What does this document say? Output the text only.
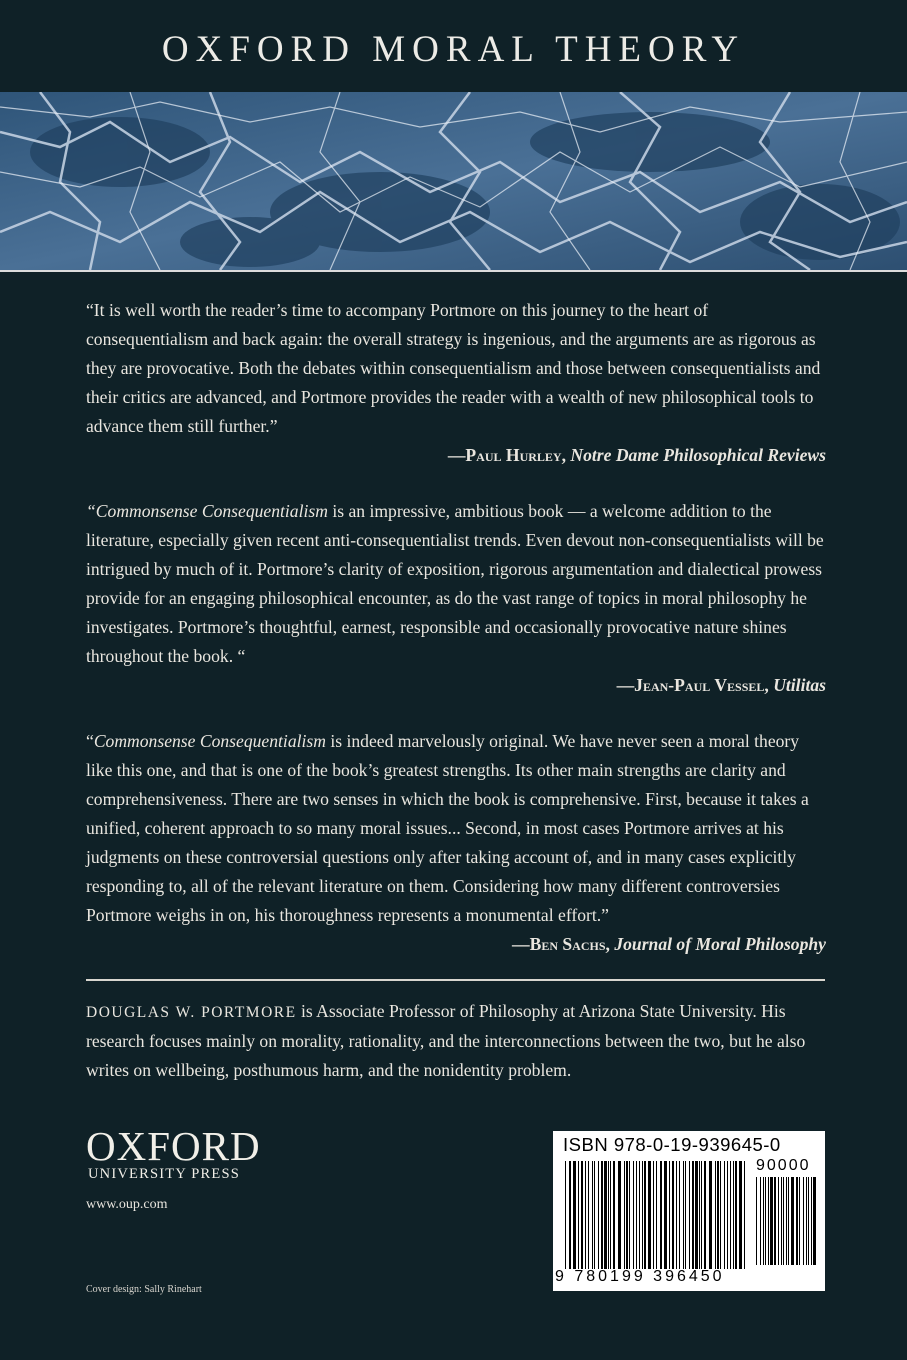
OXFORD MORAL THEORY

“It is well worth the reader’s time to accompany Portmore on this journey to the heart of consequentialism and back again: the overall strategy is ingenious, and the arguments are as rigorous as they are provocative. Both the debates within consequentialism and those between consequentialists and their critics are advanced, and Portmore provides the reader with a wealth of new philosophical tools to advance them still further.”

—Paul Hurley, Notre Dame Philosophical Reviews

“Commonsense Consequentialism is an impressive, ambitious book — a welcome addition to the literature, especially given recent anti-consequentialist trends. Even devout non-consequentialists will be intrigued by much of it. Portmore’s clarity of exposition, rigorous argumentation and dialectical prowess provide for an engaging philosophical encounter, as do the vast range of topics in moral philosophy he investigates. Portmore’s thoughtful, earnest, responsible and occasionally provocative nature shines throughout the book. “

—Jean-Paul Vessel, Utilitas

“Commonsense Consequentialism is indeed marvelously original. We have never seen a moral theory like this one, and that is one of the book’s greatest strengths. Its other main strengths are clarity and comprehensiveness. There are two senses in which the book is comprehensive. First, because it takes a unified, coherent approach to so many moral issues... Second, in most cases Portmore arrives at his judgments on these controversial questions only after taking account of, and in many cases explicitly responding to, all of the relevant literature on them. Considering how many different controversies Portmore weighs in on, his thoroughness represents a monumental effort.”

—Ben Sachs, Journal of Moral Philosophy

DOUGLAS W. PORTMORE is Associate Professor of Philosophy at Arizona State University. His research focuses mainly on morality, rationality, and the interconnections between the two, but he also writes on wellbeing, posthumous harm, and the nonidentity problem.

OXFORD
UNIVERSITY PRESS
www.oup.com
Cover design: Sally Rinehart
ISBN 978-0-19-939645-0
90000
9 780199 396450
